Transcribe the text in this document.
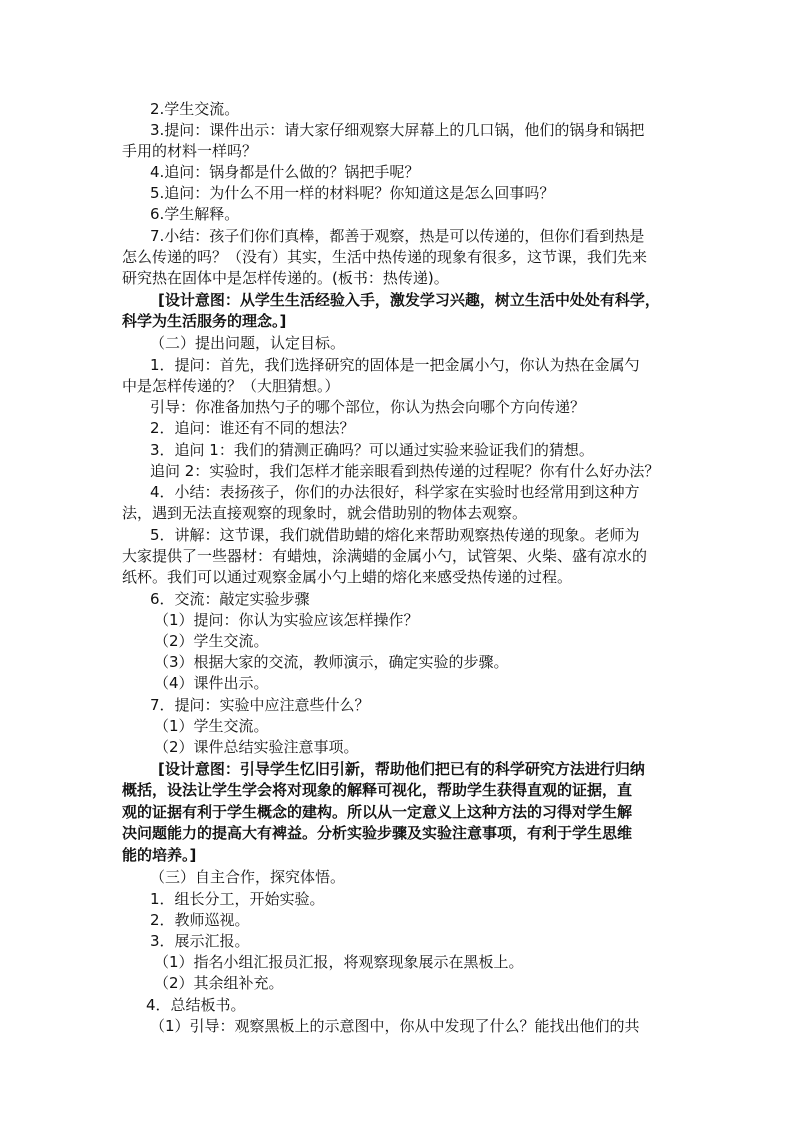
2.学生交流。
3.提问：课件出示：请大家仔细观察大屏幕上的几口锅，他们的锅身和锅把
手用的材料一样吗？
4.追问：锅身都是什么做的？锅把手呢？
5.追问：为什么不用一样的材料呢？你知道这是怎么回事吗？
6.学生解释。
7.小结：孩子们你们真棒，都善于观察，热是可以传递的，但你们看到热是
怎么传递的吗？（没有）其实，生活中热传递的现象有很多，这节课，我们先来
研究热在固体中是怎样传递的。(板书：热传递)。
[设计意图：从学生生活经验入手，激发学习兴趣，树立生活中处处有科学，
科学为生活服务的理念。]
（二）提出问题，认定目标。
1．提问：首先，我们选择研究的固体是一把金属小勺，你认为热在金属勺
中是怎样传递的？（大胆猜想。）
引导：你准备加热勺子的哪个部位，你认为热会向哪个方向传递？
2．追问：谁还有不同的想法？
3．追问 1：我们的猜测正确吗？可以通过实验来验证我们的猜想。
追问 2：实验时，我们怎样才能亲眼看到热传递的过程呢？你有什么好办法？
4．小结：表扬孩子，你们的办法很好，科学家在实验时也经常用到这种方
法，遇到无法直接观察的现象时，就会借助别的物体去观察。
5．讲解：这节课，我们就借助蜡的熔化来帮助观察热传递的现象。老师为
大家提供了一些器材：有蜡烛，涂满蜡的金属小勺，试管架、火柴、盛有凉水的
纸杯。我们可以通过观察金属小勺上蜡的熔化来感受热传递的过程。
6．交流：敲定实验步骤
（1）提问：你认为实验应该怎样操作？
（2）学生交流。
（3）根据大家的交流，教师演示，确定实验的步骤。
（4）课件出示。
7．提问：实验中应注意些什么？
（1）学生交流。
（2）课件总结实验注意事项。
[设计意图：引导学生忆旧引新，帮助他们把已有的科学研究方法进行归纳
概括，设法让学生学会将对现象的解释可视化，帮助学生获得直观的证据，直
观的证据有利于学生概念的建构。所以从一定意义上这种方法的习得对学生解
决问题能力的提高大有裨益。分析实验步骤及实验注意事项，有利于学生思维
能的培养。]
（三）自主合作，探究体悟。
1．组长分工，开始实验。
2．教师巡视。
3．展示汇报。
（1）指名小组汇报员汇报，将观察现象展示在黑板上。
（2）其余组补充。
4．总结板书。
（1）引导：观察黑板上的示意图中，你从中发现了什么？能找出他们的共
